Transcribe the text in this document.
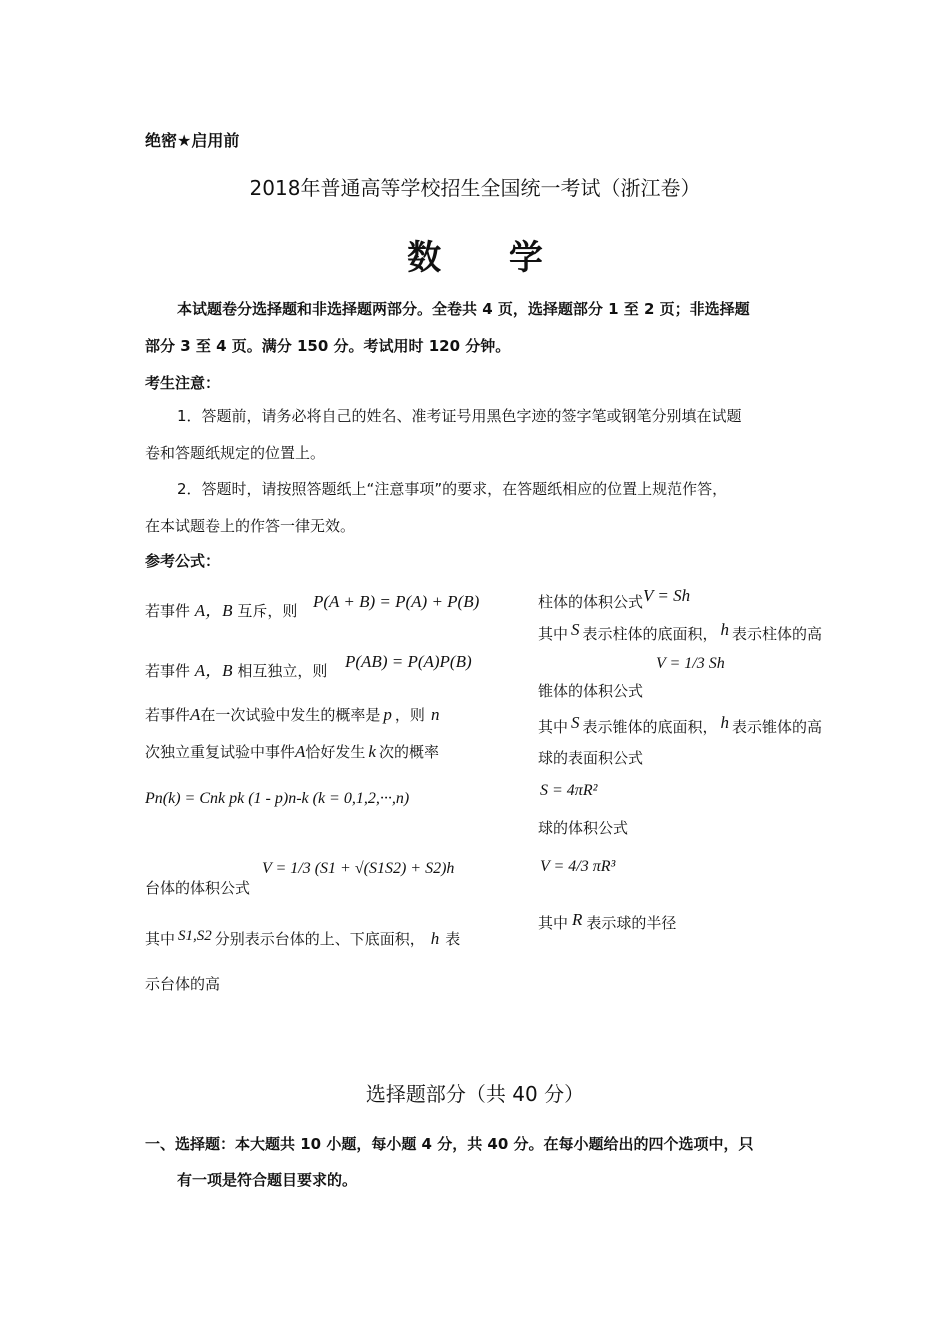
绝密★启用前
2018年普通高等学校招生全国统一考试（浙江卷）
数 学
本试题卷分选择题和非选择题两部分。全卷共 4 页，选择题部分 1 至 2 页；非选择题
部分 3 至 4 页。满分 150 分。考试用时 120 分钟。
考生注意：
1．答题前，请务必将自己的姓名、准考证号用黑色字迹的签字笔或钢笔分别填在试题
卷和答题纸规定的位置上。
2．答题时，请按照答题纸上“注意事项”的要求，在答题纸相应的位置上规范作答，
在本试题卷上的作答一律无效。
参考公式：
若事件 A，B 互斥，则 P(A + B) = P(A) + P(B)
若事件 A，B 相互独立，则 P(AB) = P(A)P(B)
若事件A在一次试验中发生的概率是 p ，则 n
次独立重复试验中事件A恰好发生 k 次的概率
Pn(k) = Cnk pk (1 - p)n-k (k = 0,1,2,···,n)
台体的体积公式
V = 1/3 (S1 + √(S1S2) + S2)h
其中 S1,S2 分别表示台体的上、下底面积， h 表
示台体的高
柱体的体积公式V = Sh
其中 S 表示柱体的底面积， h 表示柱体的高
V = 1/3 Sh
锥体的体积公式
其中 S 表示锥体的底面积， h 表示锥体的高
球的表面积公式
S = 4πR²
球的体积公式
V = 4/3 πR³
其中 R 表示球的半径
选择题部分（共 40 分）
一、选择题：本大题共 10 小题，每小题 4 分，共 40 分。在每小题给出的四个选项中，只
有一项是符合题目要求的。
